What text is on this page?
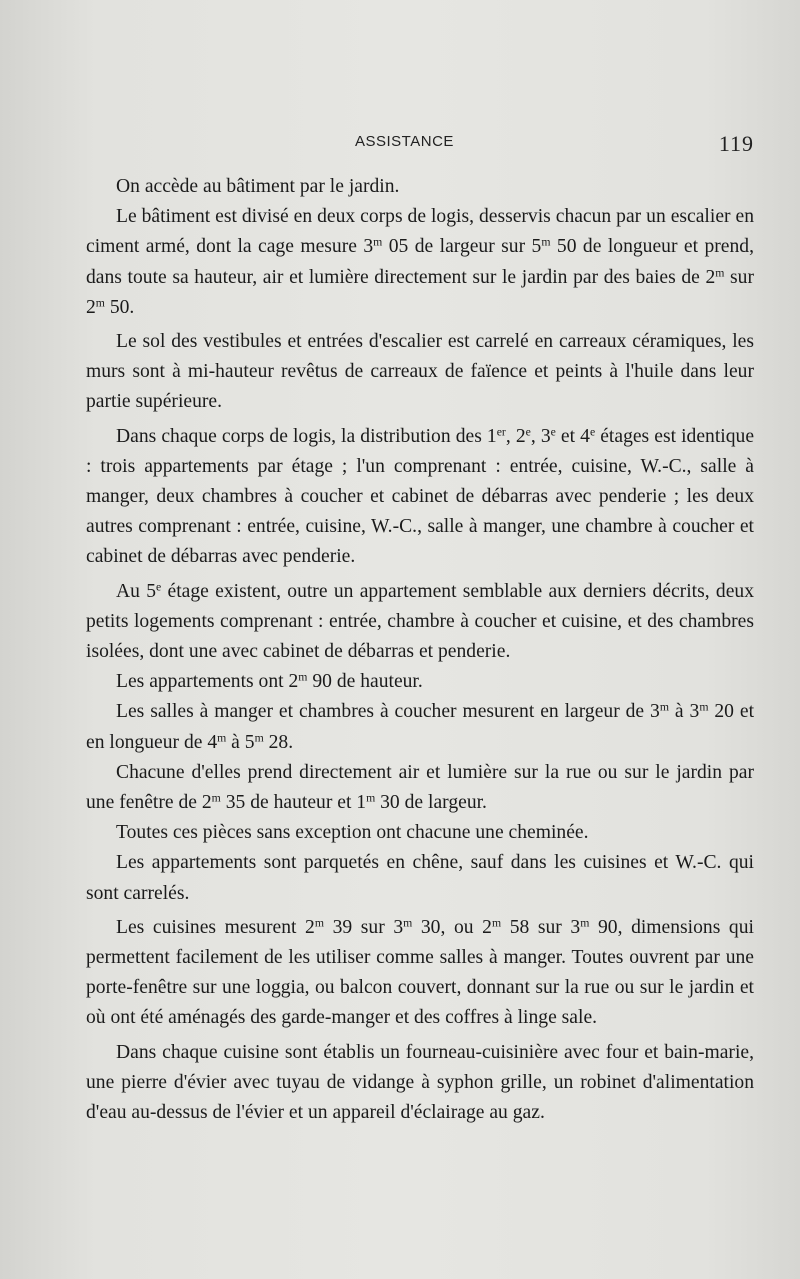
ASSISTANCE	119

On accède au bâtiment par le jardin.

Le bâtiment est divisé en deux corps de logis, desservis chacun par un escalier en ciment armé, dont la cage mesure 3$^m$ 05 de largeur sur 5$^m$ 50 de longueur et prend, dans toute sa hauteur, air et lumière directement sur le jardin par des baies de 2$^m$ sur 2$^m$ 50.

Le sol des vestibules et entrées d'escalier est carrelé en carreaux céramiques, les murs sont à mi-hauteur revêtus de carreaux de faïence et peints à l'huile dans leur partie supérieure.

Dans chaque corps de logis, la distribution des 1er, 2e, 3e et 4e étages est identique : trois appartements par étage ; l'un comprenant : entrée, cuisine, W.-C., salle à manger, deux chambres à coucher et cabinet de débarras avec penderie ; les deux autres comprenant : entrée, cuisine, W.-C., salle à manger, une chambre à coucher et cabinet de débarras avec penderie.

Au 5e étage existent, outre un appartement semblable aux derniers décrits, deux petits logements comprenant : entrée, chambre à coucher et cuisine, et des chambres isolées, dont une avec cabinet de débarras et penderie.

Les appartements ont 2$^m$ 90 de hauteur.

Les salles à manger et chambres à coucher mesurent en largeur de 3$^m$ à 3$^m$ 20 et en longueur de 4$^m$ à 5$^m$ 28.

Chacune d'elles prend directement air et lumière sur la rue ou sur le jardin par une fenêtre de 2$^m$ 35 de hauteur et 1$^m$ 30 de largeur.

Toutes ces pièces sans exception ont chacune une cheminée.

Les appartements sont parquetés en chêne, sauf dans les cuisines et W.-C. qui sont carrelés.

Les cuisines mesurent 2$^m$ 39 sur 3$^m$ 30, ou 2$^m$ 58 sur 3$^m$ 90, dimensions qui permettent facilement de les utiliser comme salles à manger. Toutes ouvrent par une porte-fenêtre sur une loggia, ou balcon couvert, donnant sur la rue ou sur le jardin et où ont été aménagés des garde-manger et des coffres à linge sale.

Dans chaque cuisine sont établis un fourneau-cuisinière avec four et bain-marie, une pierre d'évier avec tuyau de vidange à syphon grille, un robinet d'alimentation d'eau au-dessus de l'évier et un appareil d'éclairage au gaz.
